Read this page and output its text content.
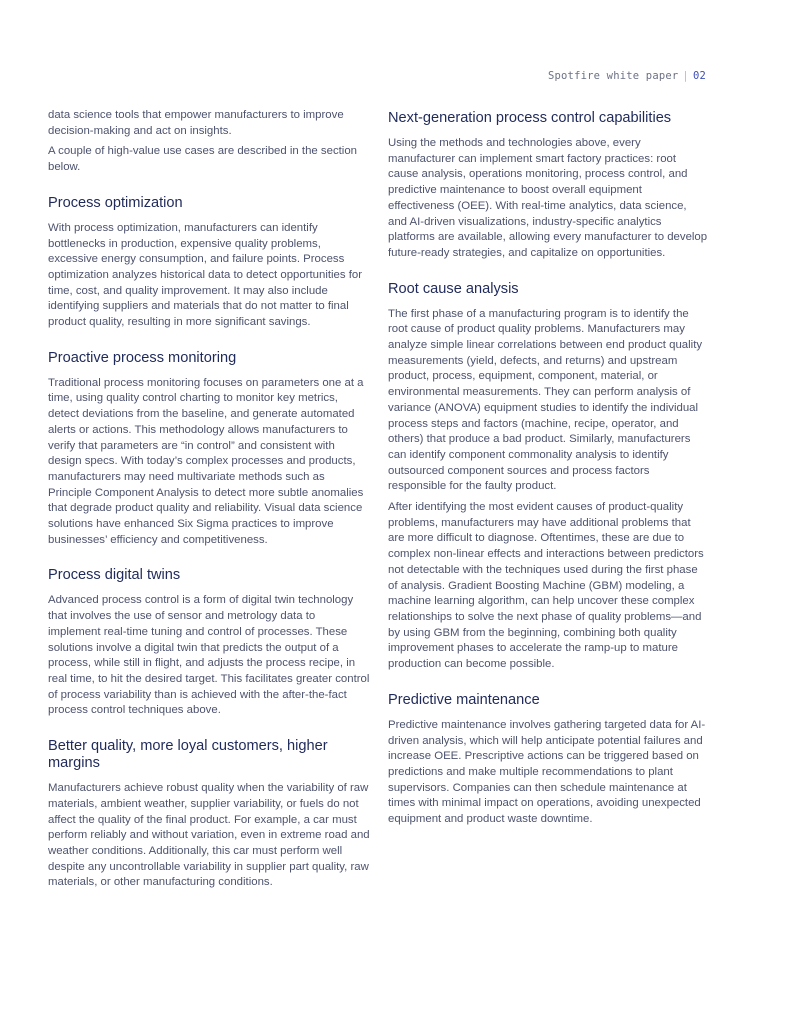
Spotfire white paper | 02

data science tools that empower manufacturers to improve decision-making and act on insights.

A couple of high-value use cases are described in the section below.

Process optimization

With process optimization, manufacturers can identify bottlenecks in production, expensive quality problems, excessive energy consumption, and failure points. Process optimization analyzes historical data to detect opportunities for time, cost, and quality improvement. It may also include identifying suppliers and materials that do not matter to final product quality, resulting in more significant savings.

Proactive process monitoring

Traditional process monitoring focuses on parameters one at a time, using quality control charting to monitor key metrics, detect deviations from the baseline, and generate automated alerts or actions. This methodology allows manufacturers to verify that parameters are “in control” and consistent with design specs. With today’s complex processes and products, manufacturers may need multivariate methods such as Principle Component Analysis to detect more subtle anomalies that degrade product quality and reliability. Visual data science solutions have enhanced Six Sigma practices to improve businesses’ efficiency and competitiveness.

Process digital twins

Advanced process control is a form of digital twin technology that involves the use of sensor and metrology data to implement real-time tuning and control of processes. These solutions involve a digital twin that predicts the output of a process, while still in flight, and adjusts the process recipe, in real time, to hit the desired target. This facilitates greater control of process variability than is achieved with the after-the-fact process control techniques above.

Better quality, more loyal customers, higher margins

Manufacturers achieve robust quality when the variability of raw materials, ambient weather, supplier variability, or fuels do not affect the quality of the final product. For example, a car must perform reliably and without variation, even in extreme road and weather conditions. Additionally, this car must perform well despite any uncontrollable variability in supplier part quality, raw materials, or other manufacturing conditions.

Next-generation process control capabilities

Using the methods and technologies above, every manufacturer can implement smart factory practices: root cause analysis, operations monitoring, process control, and predictive maintenance to boost overall equipment effectiveness (OEE). With real-time analytics, data science, and AI-driven visualizations, industry-specific analytics platforms are available, allowing every manufacturer to develop future-ready strategies, and capitalize on opportunities.

Root cause analysis

The first phase of a manufacturing program is to identify the root cause of product quality problems. Manufacturers may analyze simple linear correlations between end product quality measurements (yield, defects, and returns) and upstream product, process, equipment, component, material, or environmental measurements. They can perform analysis of variance (ANOVA) equipment studies to identify the individual process steps and factors (machine, recipe, operator, and others) that produce a bad product. Similarly, manufacturers can identify component commonality analysis to identify outsourced component sources and process factors responsible for the faulty product.

After identifying the most evident causes of product-quality problems, manufacturers may have additional problems that are more difficult to diagnose. Oftentimes, these are due to complex non-linear effects and interactions between predictors not detectable with the techniques used during the first phase of analysis. Gradient Boosting Machine (GBM) modeling, a machine learning algorithm, can help uncover these complex relationships to solve the next phase of quality problems—and by using GBM from the beginning, combining both quality improvement phases to accelerate the ramp-up to mature production can become possible.

Predictive maintenance

Predictive maintenance involves gathering targeted data for AI-driven analysis, which will help anticipate potential failures and increase OEE. Prescriptive actions can be triggered based on predictions and make multiple recommendations to plant supervisors. Companies can then schedule maintenance at times with minimal impact on operations, avoiding unexpected equipment and product waste downtime.
